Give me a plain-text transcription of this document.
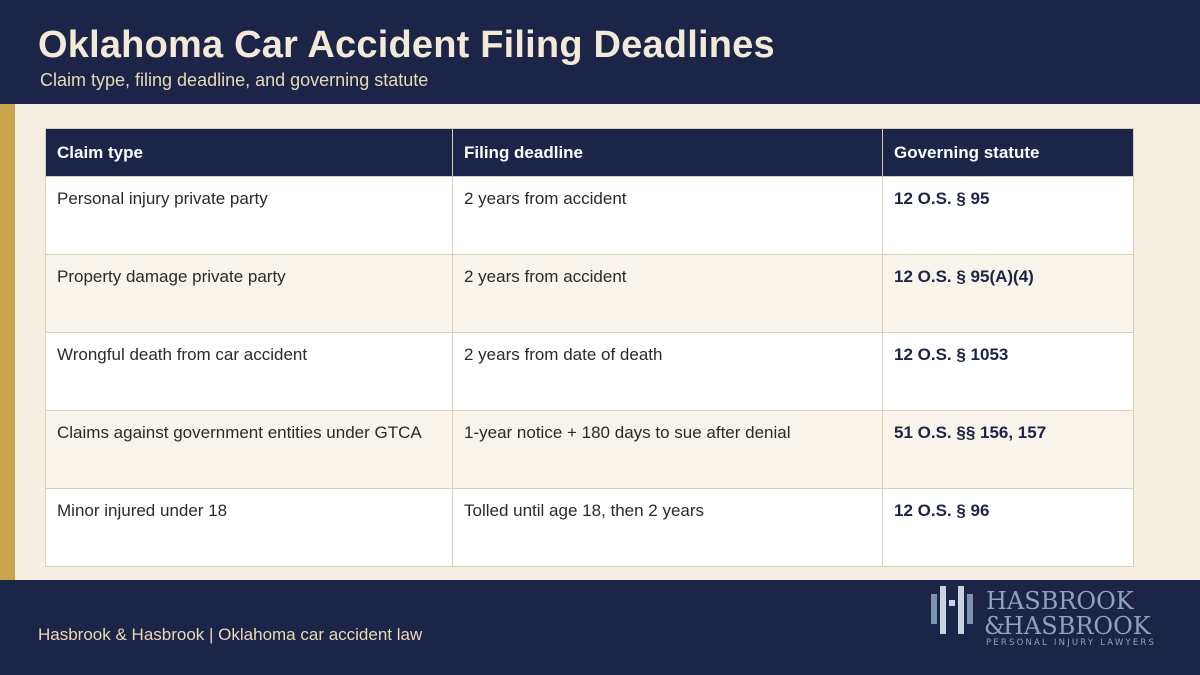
Oklahoma Car Accident Filing Deadlines
Claim type, filing deadline, and governing statute
Claim type	Filing deadline	Governing statute
Personal injury private party	2 years from accident	12 O.S. § 95
Property damage private party	2 years from accident	12 O.S. § 95(A)(4)
Wrongful death from car accident	2 years from date of death	12 O.S. § 1053
Claims against government entities under GTCA	1-year notice + 180 days to sue after denial	51 O.S. §§ 156, 157
Minor injured under 18	Tolled until age 18, then 2 years	12 O.S. § 96
Hasbrook & Hasbrook | Oklahoma car accident law
HASBROOK
&
HASBROOK
PERSONAL INJURY LAWYERS
